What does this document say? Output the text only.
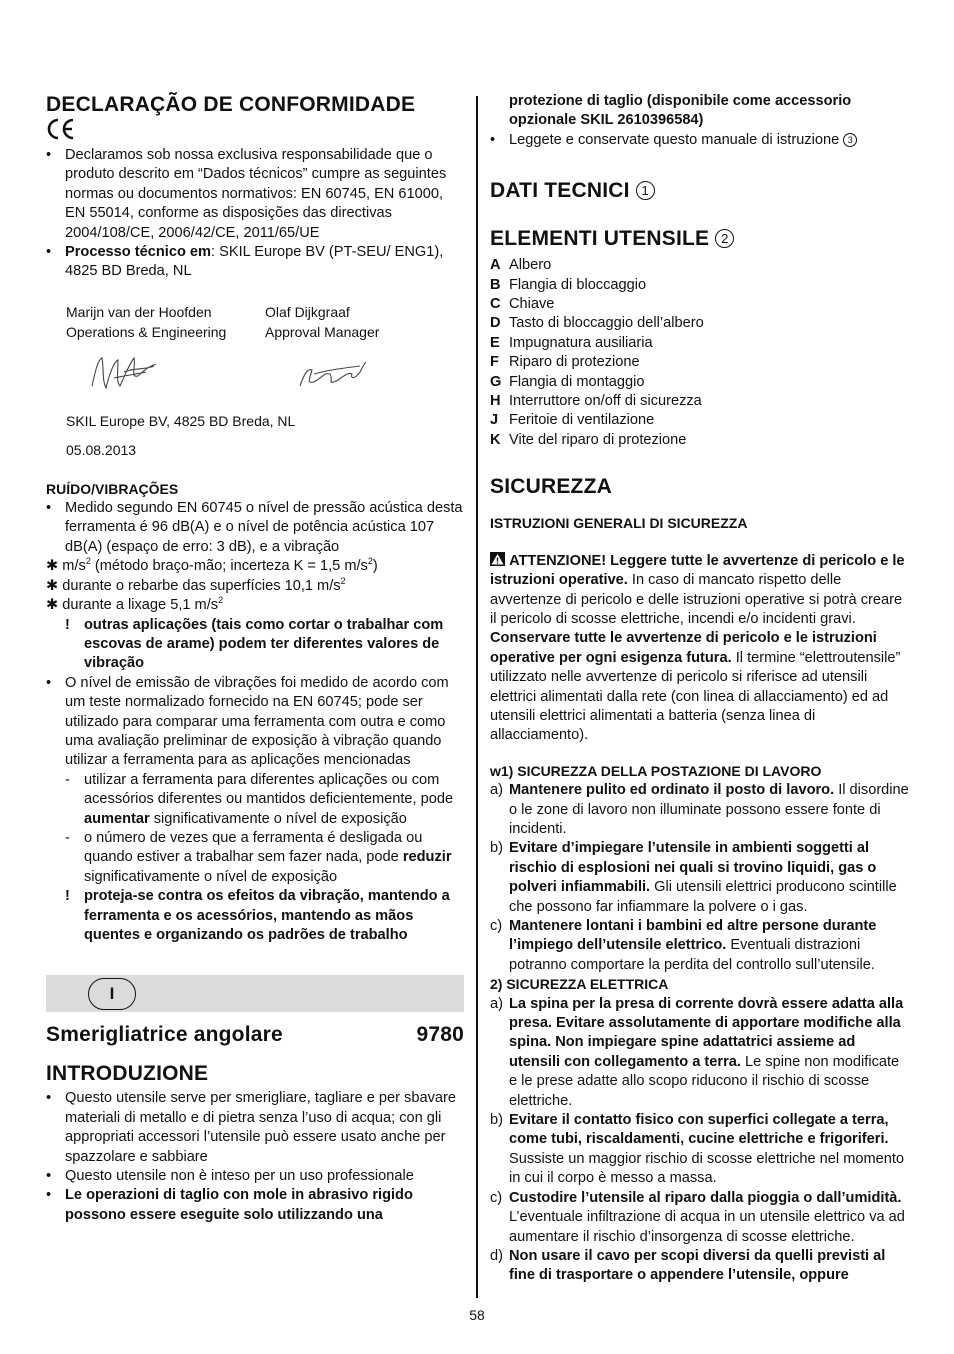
DECLARAÇÃO DE CONFORMIDADE
• Declaramos sob nossa exclusiva responsabilidade que o produto descrito em “Dados técnicos” cumpre as seguintes normas ou documentos normativos: EN 60745, EN 61000, EN 55014, conforme as disposições das directivas 2004/108/CE, 2006/42/CE, 2011/65/UE
• Processo técnico em: SKIL Europe BV (PT-SEU/ ENG1), 4825 BD Breda, NL
Marijn van der Hoofden
Operations & Engineering
Olaf Dijkgraaf
Approval Manager
SKIL Europe BV, 4825 BD Breda, NL
05.08.2013
RUÍDO/VIBRAÇÕES
• Medido segundo EN 60745 o nível de pressão acústica desta ferramenta é 96 dB(A) e o nível de potência acústica 107 dB(A) (espaço de erro: 3 dB), e a vibração
✱ $m/s^2$ (método braço-mão; incerteza K = 1,5 $m/s^2$)
✱ durante o rebarbe das superfícies 10,1 $m/s^2$
✱ durante a lixage 5,1 $m/s^2$
! outras aplicações (tais como cortar o trabalhar com escovas de arame) podem ter diferentes valores de vibração
• O nível de emissão de vibrações foi medido de acordo com um teste normalizado fornecido na EN 60745; pode ser utilizado para comparar uma ferramenta com outra e como uma avaliação preliminar de exposição à vibração quando utilizar a ferramenta para as aplicações mencionadas
- utilizar a ferramenta para diferentes aplicações ou com acessórios diferentes ou mantidos deficientemente, pode aumentar significativamente o nível de exposição
- o número de vezes que a ferramenta é desligada ou quando estiver a trabalhar sem fazer nada, pode reduzir significativamente o nível de exposição
! proteja-se contra os efeitos da vibração, mantendo a ferramenta e os acessórios, mantendo as mãos quentes e organizando os padrões de trabalho
I
Smerigliatrice angolare	9780
INTRODUZIONE
• Questo utensile serve per smerigliare, tagliare e per sbavare materiali di metallo e di pietra senza l’uso di acqua; con gli appropriati accessori l’utensile può essere usato anche per spazzolare e sabbiare
• Questo utensile non è inteso per un uso professionale
• Le operazioni di taglio con mole in abrasivo rigido possono essere eseguite solo utilizzando una
protezione di taglio (disponibile come accessorio opzionale SKIL 2610396584)
• Leggete e conservate questo manuale di istruzione 3
DATI TECNICI 1
ELEMENTI UTENSILE 2
A Albero
B Flangia di bloccaggio
C Chiave
D Tasto di bloccaggio dell’albero
E Impugnatura ausiliaria
F Riparo di protezione
G Flangia di montaggio
H Interruttore on/off di sicurezza
J Feritoie di ventilazione
K Vite del riparo di protezione
SICUREZZA
ISTRUZIONI GENERALI DI SICUREZZA
ATTENZIONE! Leggere tutte le avvertenze di pericolo e le istruzioni operative. In caso di mancato rispetto delle avvertenze di pericolo e delle istruzioni operative si potrà creare il pericolo di scosse elettriche, incendi e/o incidenti gravi. Conservare tutte le avvertenze di pericolo e le istruzioni operative per ogni esigenza futura. Il termine “elettroutensile” utilizzato nelle avvertenze di pericolo si riferisce ad utensili elettrici alimentati dalla rete (con linea di allacciamento) ed ad utensili elettrici alimentati a batteria (senza linea di allacciamento).
w1) SICUREZZA DELLA POSTAZIONE DI LAVORO
a) Mantenere pulito ed ordinato il posto di lavoro. Il disordine o le zone di lavoro non illuminate possono essere fonte di incidenti.
b) Evitare d’impiegare l’utensile in ambienti soggetti al rischio di esplosioni nei quali si trovino liquidi, gas o polveri infiammabili. Gli utensili elettrici producono scintille che possono far infiammare la polvere o i gas.
c) Mantenere lontani i bambini ed altre persone durante l’impiego dell’utensile elettrico. Eventuali distrazioni potranno comportare la perdita del controllo sull’utensile.
2) SICUREZZA ELETTRICA
a) La spina per la presa di corrente dovrà essere adatta alla presa. Evitare assolutamente di apportare modifiche alla spina. Non impiegare spine adattatrici assieme ad utensili con collegamento a terra. Le spine non modificate e le prese adatte allo scopo riducono il rischio di scosse elettriche.
b) Evitare il contatto fisico con superfici collegate a terra, come tubi, riscaldamenti, cucine elettriche e frigoriferi. Sussiste un maggior rischio di scosse elettriche nel momento in cui il corpo è messo a massa.
c) Custodire l’utensile al riparo dalla pioggia o dall’umidità. L’eventuale infiltrazione di acqua in un utensile elettrico va ad aumentare il rischio d’insorgenza di scosse elettriche.
d) Non usare il cavo per scopi diversi da quelli previsti al fine di trasportare o appendere l’utensile, oppure
58
